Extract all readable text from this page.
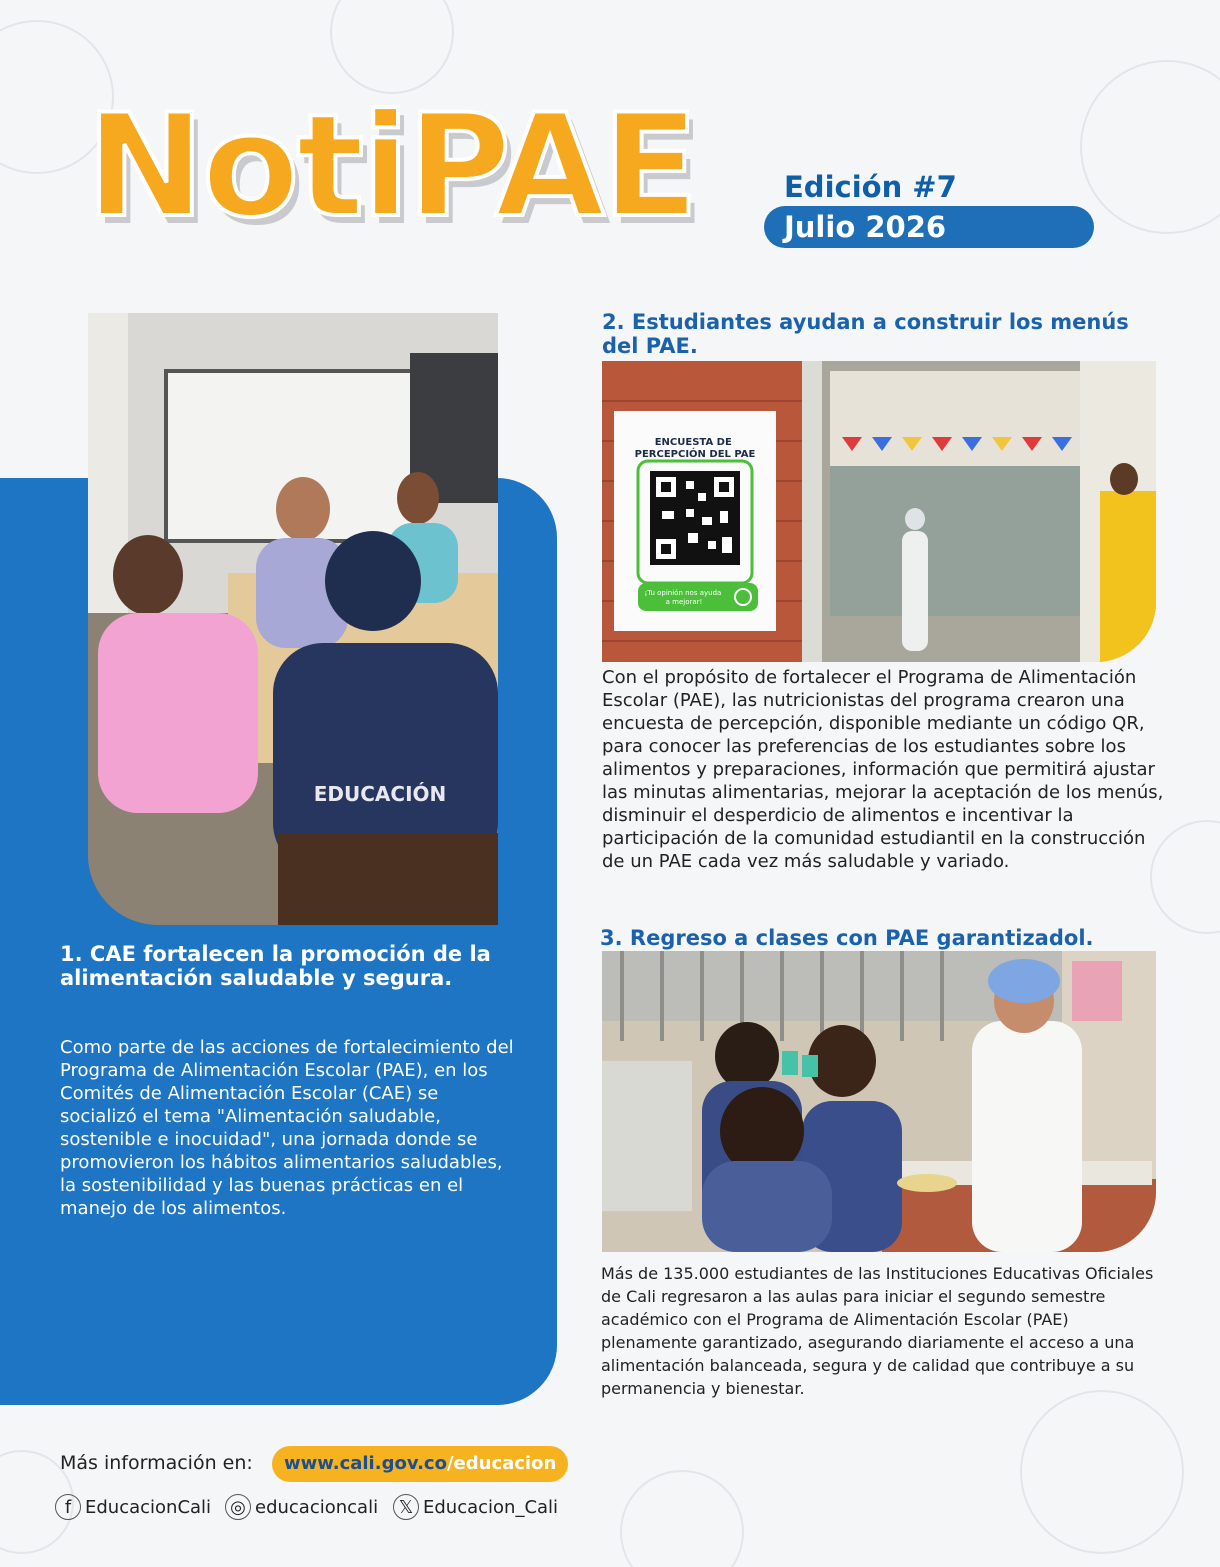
NotiPAE	Edición #7
Julio 2026
EDUCACIÓN
1. CAE fortalecen la promoción de la alimentación saludable y segura.
Como parte de las acciones de fortalecimiento del Programa de Alimentación Escolar (PAE), en los Comités de Alimentación Escolar (CAE) se socializó el tema "Alimentación saludable, sostenible e inocuidad", una jornada donde se promovieron los hábitos alimentarios saludables, la sostenibilidad y las buenas prácticas en el manejo de los alimentos.
2. Estudiantes ayudan a construir los menús del PAE.
ENCUESTA DE PERCEPCIÓN DEL PAE
¡Tu opinión nos ayuda a mejorar!
Con el propósito de fortalecer el Programa de Alimentación Escolar (PAE), las nutricionistas del programa crearon una encuesta de percepción, disponible mediante un código QR, para conocer las preferencias de los estudiantes sobre los alimentos y preparaciones, información que permitirá ajustar las minutas alimentarias, mejorar la aceptación de los menús, disminuir el desperdicio de alimentos e incentivar la participación de la comunidad estudiantil en la construcción de un PAE cada vez más saludable y variado.
3. Regreso a clases con PAE garantizadol.
Más de 135.000 estudiantes de las Instituciones Educativas Oficiales de Cali regresaron a las aulas para iniciar el segundo semestre académico con el Programa de Alimentación Escolar (PAE) plenamente garantizado, asegurando diariamente el acceso a una alimentación balanceada, segura y de calidad que contribuye a su permanencia y bienestar.
Más información en:	www.cali.gov.co/educacion
f EducacionCali ◎ educacioncali	𝕏 Educacion_Cali
